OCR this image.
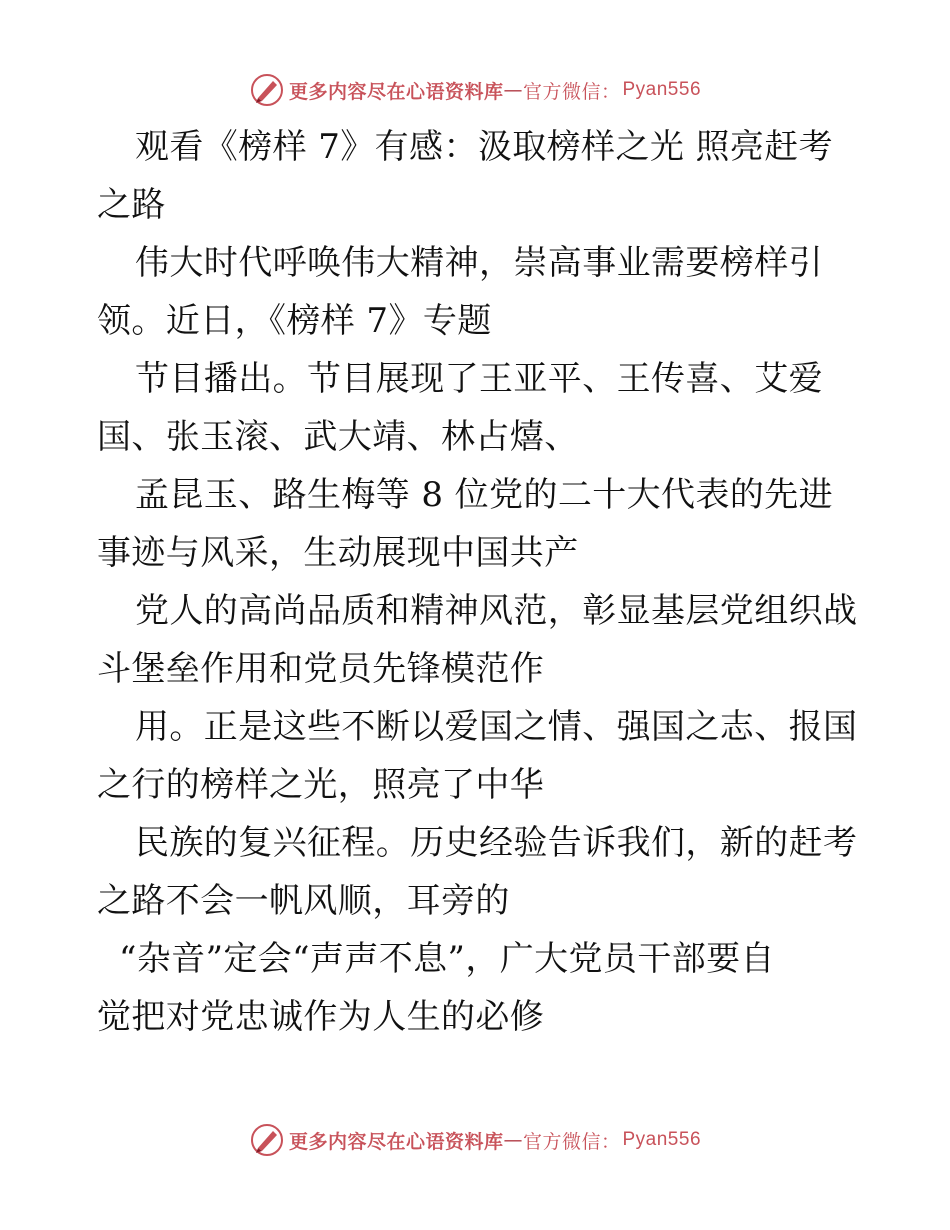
更多内容尽在心语资料库 — 官方微信： Pyan556
观看《榜样 7》有感：汲取榜样之光 照亮赶考
之路
伟大时代呼唤伟大精神，崇高事业需要榜样引
领。近日，《榜样 7》专题
节目播出。节目展现了王亚平、王传喜、艾爱
国、张玉滚、武大靖、林占熺、
孟昆玉、路生梅等 8 位党的二十大代表的先进
事迹与风采，生动展现中国共产
党人的高尚品质和精神风范，彰显基层党组织战
斗堡垒作用和党员先锋模范作
用。正是这些不断以爱国之情、强国之志、报国
之行的榜样之光，照亮了中华
民族的复兴征程。历史经验告诉我们，新的赶考
之路不会一帆风顺，耳旁的
“杂音”定会“声声不息”，广大党员干部要自
觉把对党忠诚作为人生的必修
更多内容尽在心语资料库 — 官方微信： Pyan556
